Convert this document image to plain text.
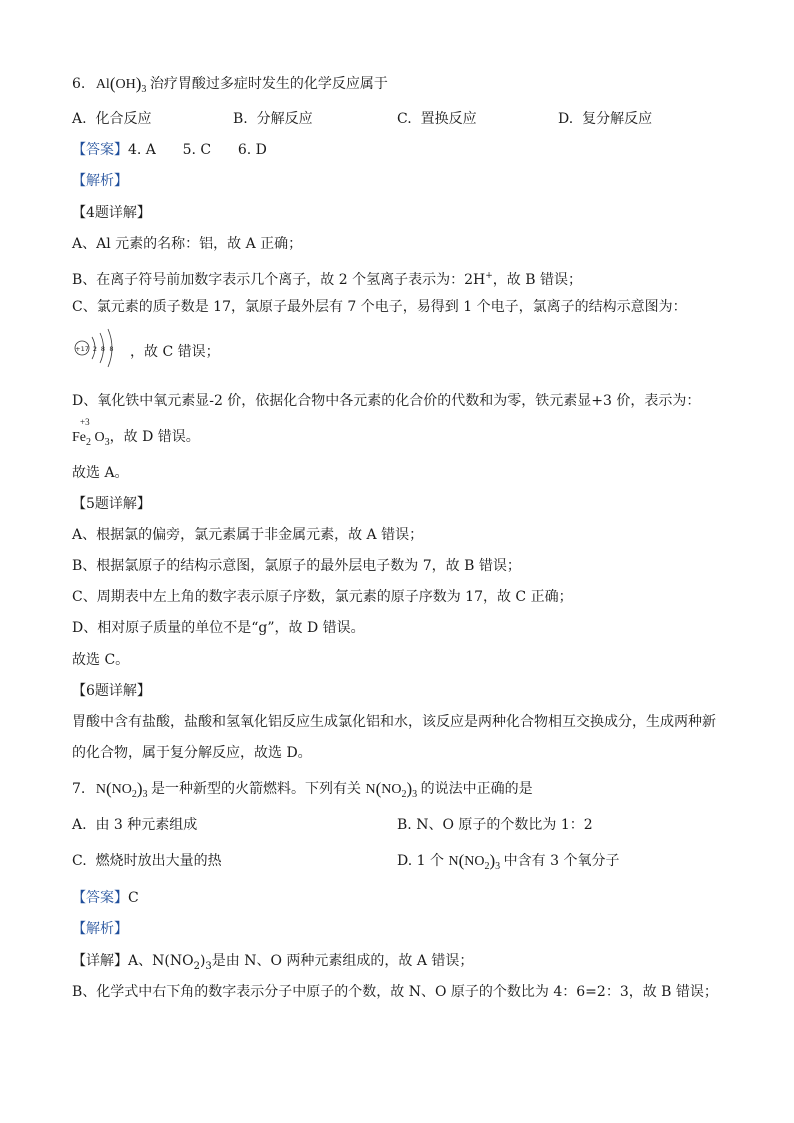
6. $Al(OH)_3$ 治疗胃酸过多症时发生的化学反应属于
A. 化合反应	B. 分解反应	C. 置换反应	D. 复分解反应
【答案】4. A      5. C      6. D
【解析】
【4题详解】
A、Al 元素的名称：铝，故 A 正确；
B、在离子符号前加数字表示几个离子，故 2 个氢离子表示为：2H+，故 B 错误；
C、氯元素的质子数是 17，氯原子最外层有 7 个电子，易得到 1 个电子，氯离子的结构示意图为：
+17 2 8 8 ，故 C 错误；
D、氧化铁中氧元素显-2 价，依据化合物中各元素的化合价的代数和为零，铁元素显+3 价，表示为：
+3
$Fe_2$ $O_3$，故 D 错误。
故选 A。
【5题详解】
A、根据氯的偏旁，氯元素属于非金属元素，故 A 错误；
B、根据氯原子的结构示意图，氯原子的最外层电子数为 7，故 B 错误；
C、周期表中左上角的数字表示原子序数，氯元素的原子序数为 17，故 C 正确；
D、相对原子质量的单位不是“g”，故 D 错误。
故选 C。
【6题详解】
胃酸中含有盐酸，盐酸和氢氧化铝反应生成氯化铝和水，该反应是两种化合物相互交换成分，生成两种新
的化合物，属于复分解反应，故选 D。
7. $N(NO_2)_3$ 是一种新型的火箭燃料。下列有关 $N(NO_2)_3$ 的说法中正确的是
A. 由 3 种元素组成	B. N、O 原子的个数比为 1：2
C. 燃烧时放出大量的热	D. 1 个 $N(NO_2)_3$ 中含有 3 个氧分子
【答案】C
【解析】
【详解】A、$N(NO_2)_3$是由 N、O 两种元素组成的，故 A 错误；
B、化学式中右下角的数字表示分子中原子的个数，故 N、O 原子的个数比为 4：6=2：3，故 B 错误；
